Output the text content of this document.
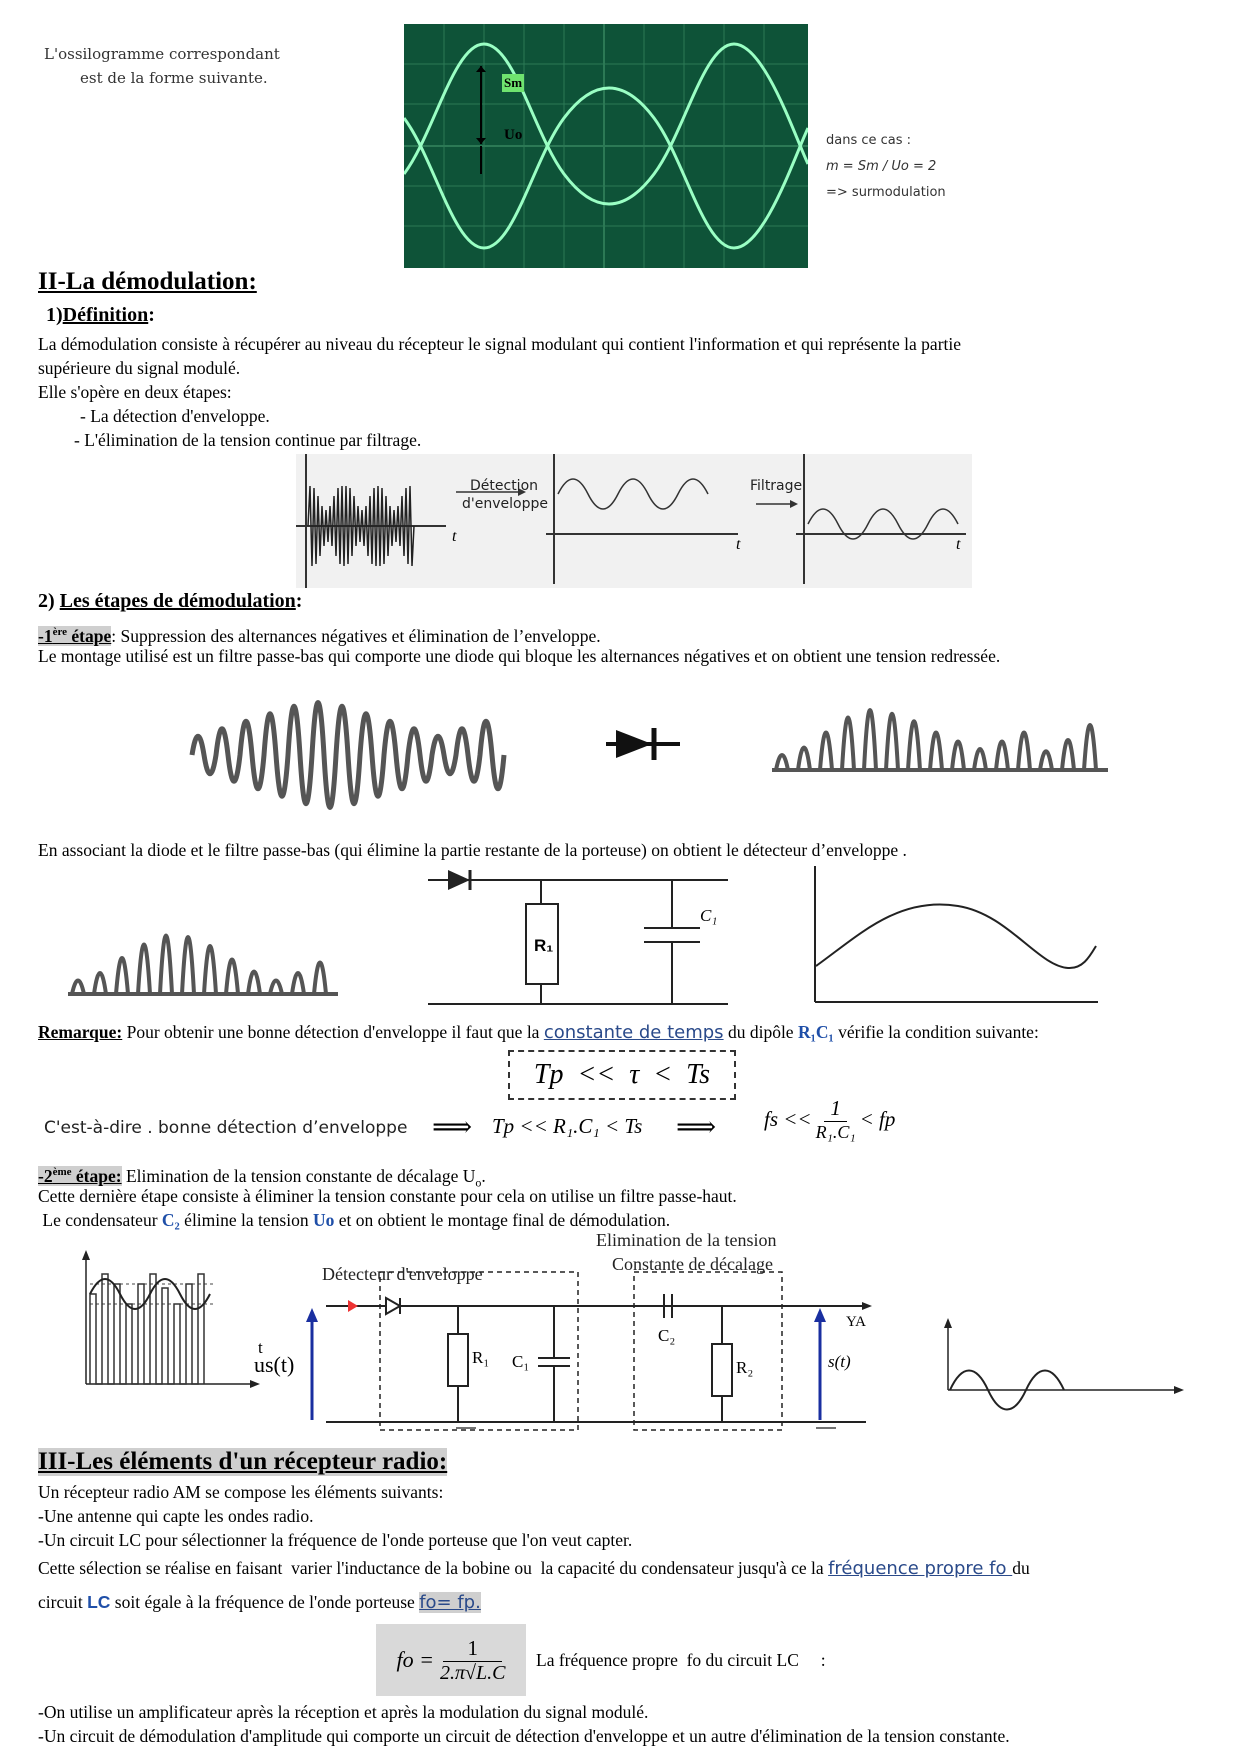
L'ossilogramme correspondant
est de la forme suivante.	Sm
Uo	dans ce cas :
m = Sm / Uo = 2
=> surmodulation
II-La démodulation:
1)Définition:
La démodulation consiste à récupérer au niveau du récepteur le signal modulant qui contient l'information et qui représente la partie
supérieure du signal modulé.
Elle s'opère en deux étapes:
- La détection d'enveloppe.
- L'élimination de la tension continue par filtrage.
Détection
d'enveloppe
Filtrage
t	t	t
2) Les étapes de démodulation:
-1ère étape: Suppression des alternances négatives et élimination de l’enveloppe.
Le montage utilisé est un filtre passe-bas qui comporte une diode qui bloque les alternances négatives et on obtient une tension redressée.
En associant la diode et le filtre passe-bas (qui élimine la partie restante de la porteuse) on obtient le détecteur d’enveloppe .
R₁
C₁
Remarque: Pour obtenir une bonne détection d'enveloppe il faut que la constante de temps du dipôle R₁C₁ vérifie la condition suivante:
Tp  <<  τ  <  Ts
C'est-à-dire . bonne détection d’enveloppe ⟹ Tp << R₁.C₁ < Ts ⟹ fs << $\frac{1}{\text{R₁.C₁}}$ < fp
-2ème étape: Elimination de la tension constante de décalage $U_o$.
Cette dernière étape consiste à éliminer la tension constante pour cela on utilise un filtre passe-haut.
Le condensateur C₂ élimine la tension Uo et on obtient le montage final de démodulation.
t
Détecteur d'enveloppe
Elimination de la tension
Constante de décalage
us(t)	R₁ C₁
C₂
R₂	s(t)
YA
III-Les éléments d'un récepteur radio:
Un récepteur radio AM se compose les éléments suivants:
-Une antenne qui capte les ondes radio.
-Un circuit LC pour sélectionner la fréquence de l'onde porteuse que l'on veut capter.
Cette sélection se réalise en faisant  varier l'inductance de la bobine ou  la capacité du condensateur jusqu'à ce la fréquence propre fo du
circuit LC soit égale à la fréquence de l'onde porteuse fo= fp.
fo = $\frac{1}{2.\pi√L.C}$ La fréquence propre  fo du circuit LC     :
-On utilise un amplificateur après la réception et après la modulation du signal modulé.
-Un circuit de démodulation d'amplitude qui comporte un circuit de détection d'enveloppe et un autre d'élimination de la tension constante.
